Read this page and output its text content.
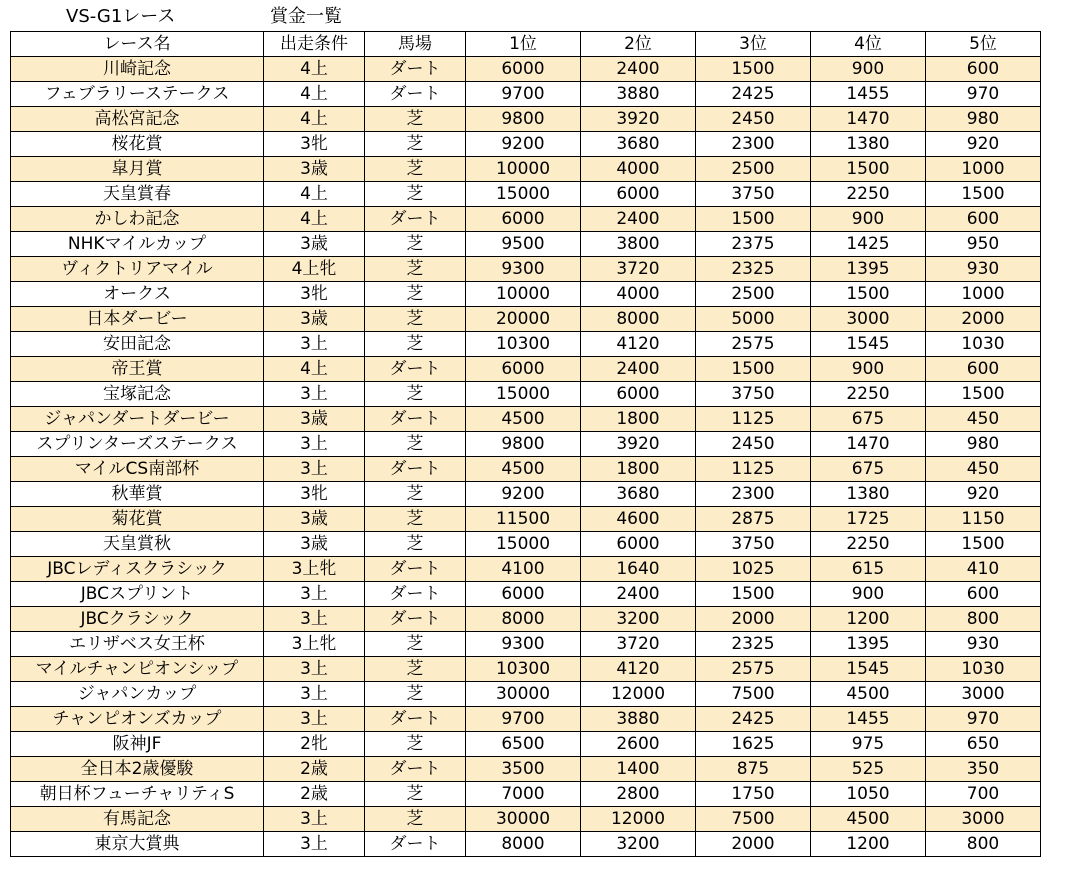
VS-G1レース	賞金一覧
レース名	出走条件	馬場	1位	2位	3位	4位	5位
川崎記念	4上	ダート	6000	2400	1500	900	600
フェブラリーステークス	4上	ダート	9700	3880	2425	1455	970
高松宮記念	4上	芝	9800	3920	2450	1470	980
桜花賞	3牝	芝	9200	3680	2300	1380	920
皐月賞	3歳	芝	10000	4000	2500	1500	1000
天皇賞春	4上	芝	15000	6000	3750	2250	1500
かしわ記念	4上	ダート	6000	2400	1500	900	600
NHKマイルカップ	3歳	芝	9500	3800	2375	1425	950
ヴィクトリアマイル	4上牝	芝	9300	3720	2325	1395	930
オークス	3牝	芝	10000	4000	2500	1500	1000
日本ダービー	3歳	芝	20000	8000	5000	3000	2000
安田記念	3上	芝	10300	4120	2575	1545	1030
帝王賞	4上	ダート	6000	2400	1500	900	600
宝塚記念	3上	芝	15000	6000	3750	2250	1500
ジャパンダートダービー	3歳	ダート	4500	1800	1125	675	450
スプリンターズステークス	3上	芝	9800	3920	2450	1470	980
マイルCS南部杯	3上	ダート	4500	1800	1125	675	450
秋華賞	3牝	芝	9200	3680	2300	1380	920
菊花賞	3歳	芝	11500	4600	2875	1725	1150
天皇賞秋	3歳	芝	15000	6000	3750	2250	1500
JBCレディスクラシック	3上牝	ダート	4100	1640	1025	615	410
JBCスプリント	3上	ダート	6000	2400	1500	900	600
JBCクラシック	3上	ダート	8000	3200	2000	1200	800
エリザベス女王杯	3上牝	芝	9300	3720	2325	1395	930
マイルチャンピオンシップ	3上	芝	10300	4120	2575	1545	1030
ジャパンカップ	3上	芝	30000	12000	7500	4500	3000
チャンピオンズカップ	3上	ダート	9700	3880	2425	1455	970
阪神JF	2牝	芝	6500	2600	1625	975	650
全日本2歳優駿	2歳	ダート	3500	1400	875	525	350
朝日杯フューチャリティS	2歳	芝	7000	2800	1750	1050	700
有馬記念	3上	芝	30000	12000	7500	4500	3000
東京大賞典	3上	ダート	8000	3200	2000	1200	800
